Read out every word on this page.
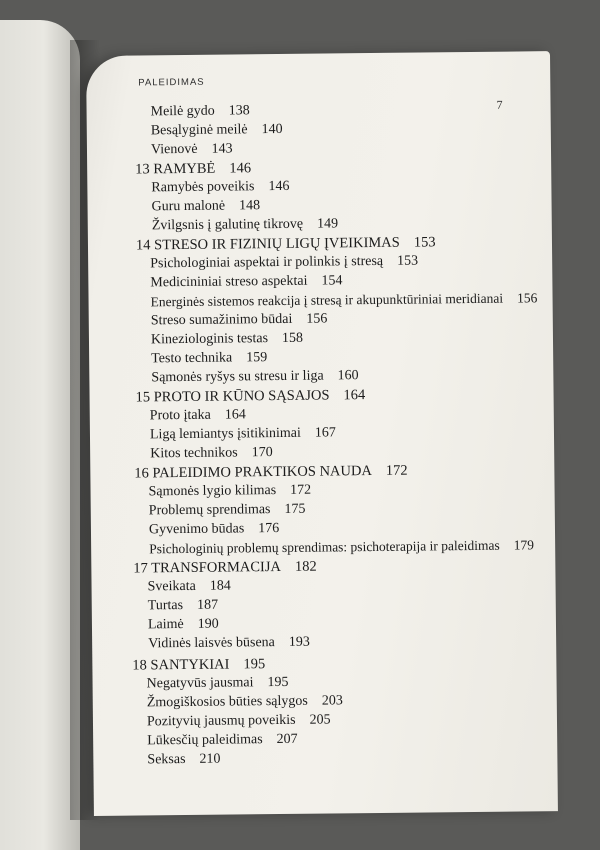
PALEIDIMAS
7
Meilė gydo 138
Besąlyginė meilė 140
Vienovė 143
13 RAMYBĖ 146
Ramybės poveikis 146
Guru malonė 148
Žvilgsnis į galutinę tikrovę 149
14 STRESO IR FIZINIŲ LIGŲ ĮVEIKIMAS 153
Psichologiniai aspektai ir polinkis į stresą 153
Medicininiai streso aspektai 154
Energinės sistemos reakcija į stresą ir akupunktūriniai meridianai 156
Streso sumažinimo būdai 156
Kineziologinis testas 158
Testo technika 159
Sąmonės ryšys su stresu ir liga 160
15 PROTO IR KŪNO SĄSAJOS 164
Proto įtaka 164
Ligą lemiantys įsitikinimai 167
Kitos technikos 170
16 PALEIDIMO PRAKTIKOS NAUDA 172
Sąmonės lygio kilimas 172
Problemų sprendimas 175
Gyvenimo būdas 176
Psichologinių problemų sprendimas: psichoterapija ir paleidimas 179
17 TRANSFORMACIJA 182
Sveikata 184
Turtas 187
Laimė 190
Vidinės laisvės būsena 193
18 SANTYKIAI 195
Negatyvūs jausmai 195
Žmogiškosios būties sąlygos 203
Pozityvių jausmų poveikis 205
Lūkesčių paleidimas 207
Seksas 210
